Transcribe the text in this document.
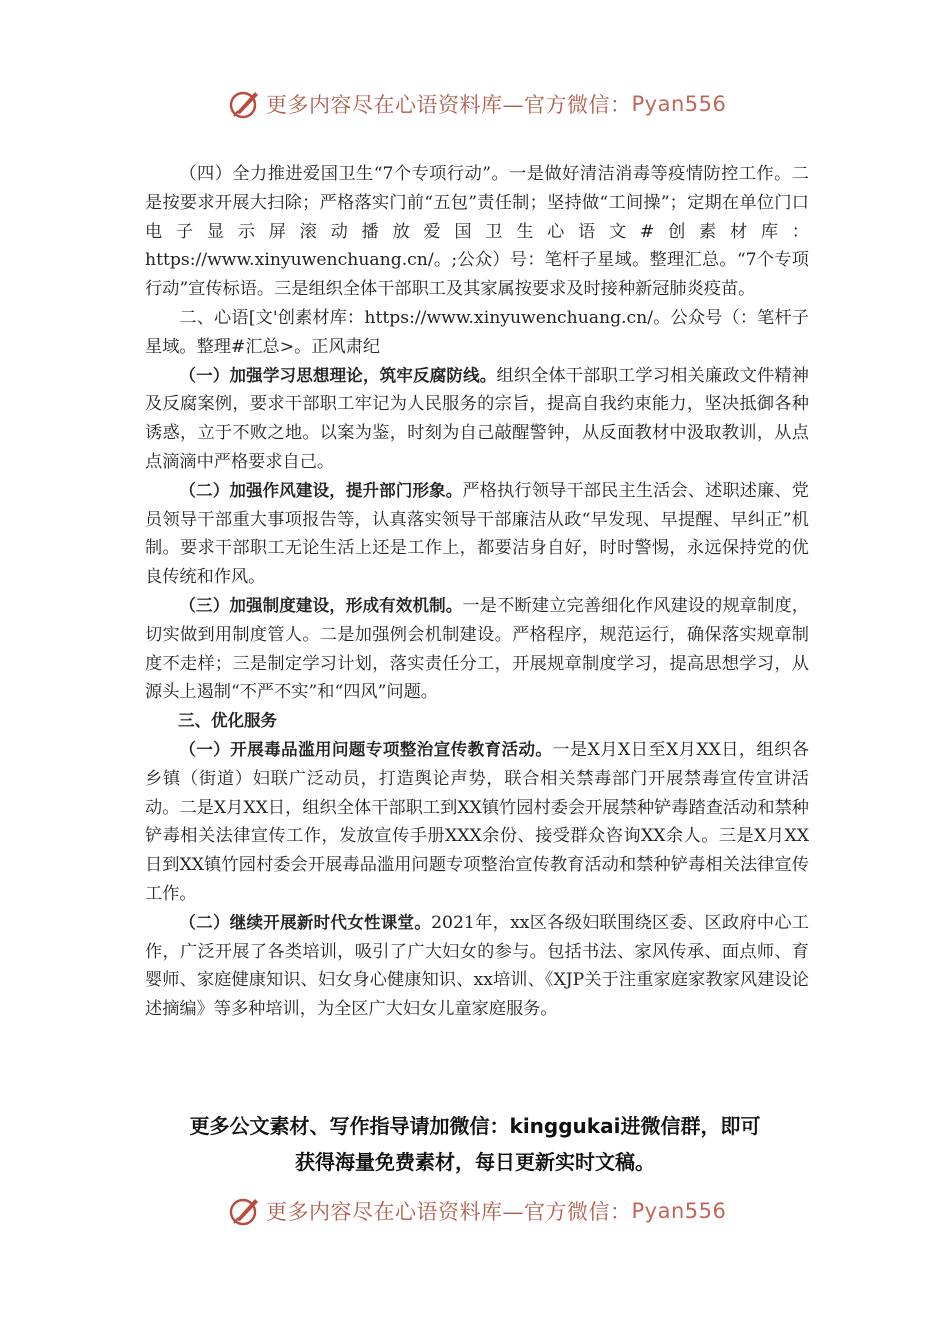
更多内容尽在心语资料库—官方微信： Pyan556

（四）全力推进爱国卫生“7个专项行动”。一是做好清洁消毒等疫情防控工作。二是按要求开展大扫除；严格落实门前“五包”责任制；坚持做“工间操”；定期在单位门口电子显示屏滚动播放爱国卫生心语文#创素材库：https://www.xinyuwenchuang.cn/。;公众）号：笔杆子星域。整理汇总。“7个专项行动”宣传标语。三是组织全体干部职工及其家属按要求及时接种新冠肺炎疫苗。

二、心语[文'创素材库：https://www.xinyuwenchuang.cn/。公众号（：笔杆子星域。整理#汇总>。正风肃纪

（一）加强学习思想理论，筑牢反腐防线。组织全体干部职工学习相关廉政文件精神及反腐案例，要求干部职工牢记为人民服务的宗旨，提高自我约束能力，坚决抵御各种诱惑，立于不败之地。以案为鉴，时刻为自己敲醒警钟，从反面教材中汲取教训，从点点滴滴中严格要求自己。

（二）加强作风建设，提升部门形象。严格执行领导干部民主生活会、述职述廉、党员领导干部重大事项报告等，认真落实领导干部廉洁从政“早发现、早提醒、早纠正”机制。要求干部职工无论生活上还是工作上，都要洁身自好，时时警惕，永远保持党的优良传统和作风。

（三）加强制度建设，形成有效机制。一是不断建立完善细化作风建设的规章制度，切实做到用制度管人。二是加强例会机制建设。严格程序，规范运行，确保落实规章制度不走样；三是制定学习计划，落实责任分工，开展规章制度学习，提高思想学习，从源头上遏制“不严不实”和“四风”问题。

三、优化服务

（一）开展毒品滥用问题专项整治宣传教育活动。一是X月X日至X月XX日，组织各乡镇（街道）妇联广泛动员，打造舆论声势，联合相关禁毒部门开展禁毒宣传宣讲活动。二是X月XX日，组织全体干部职工到XX镇竹园村委会开展禁种铲毒踏查活动和禁种铲毒相关法律宣传工作，发放宣传手册XXX余份、接受群众咨询XX余人。三是X月XX日到XX镇竹园村委会开展毒品滥用问题专项整治宣传教育活动和禁种铲毒相关法律宣传工作。

（二）继续开展新时代女性课堂。2021年，xx区各级妇联围绕区委、区政府中心工作，广泛开展了各类培训，吸引了广大妇女的参与。包括书法、家风传承、面点师、育婴师、家庭健康知识、妇女身心健康知识、xx培训、《XJP关于注重家庭家教家风建设论述摘编》等多种培训，为全区广大妇女儿童家庭服务。

更多公文素材、写作指导请加微信：kinggukai进微信群，即可
获得海量免费素材，每日更新实时文稿。
更多内容尽在心语资料库—官方微信： Pyan556
